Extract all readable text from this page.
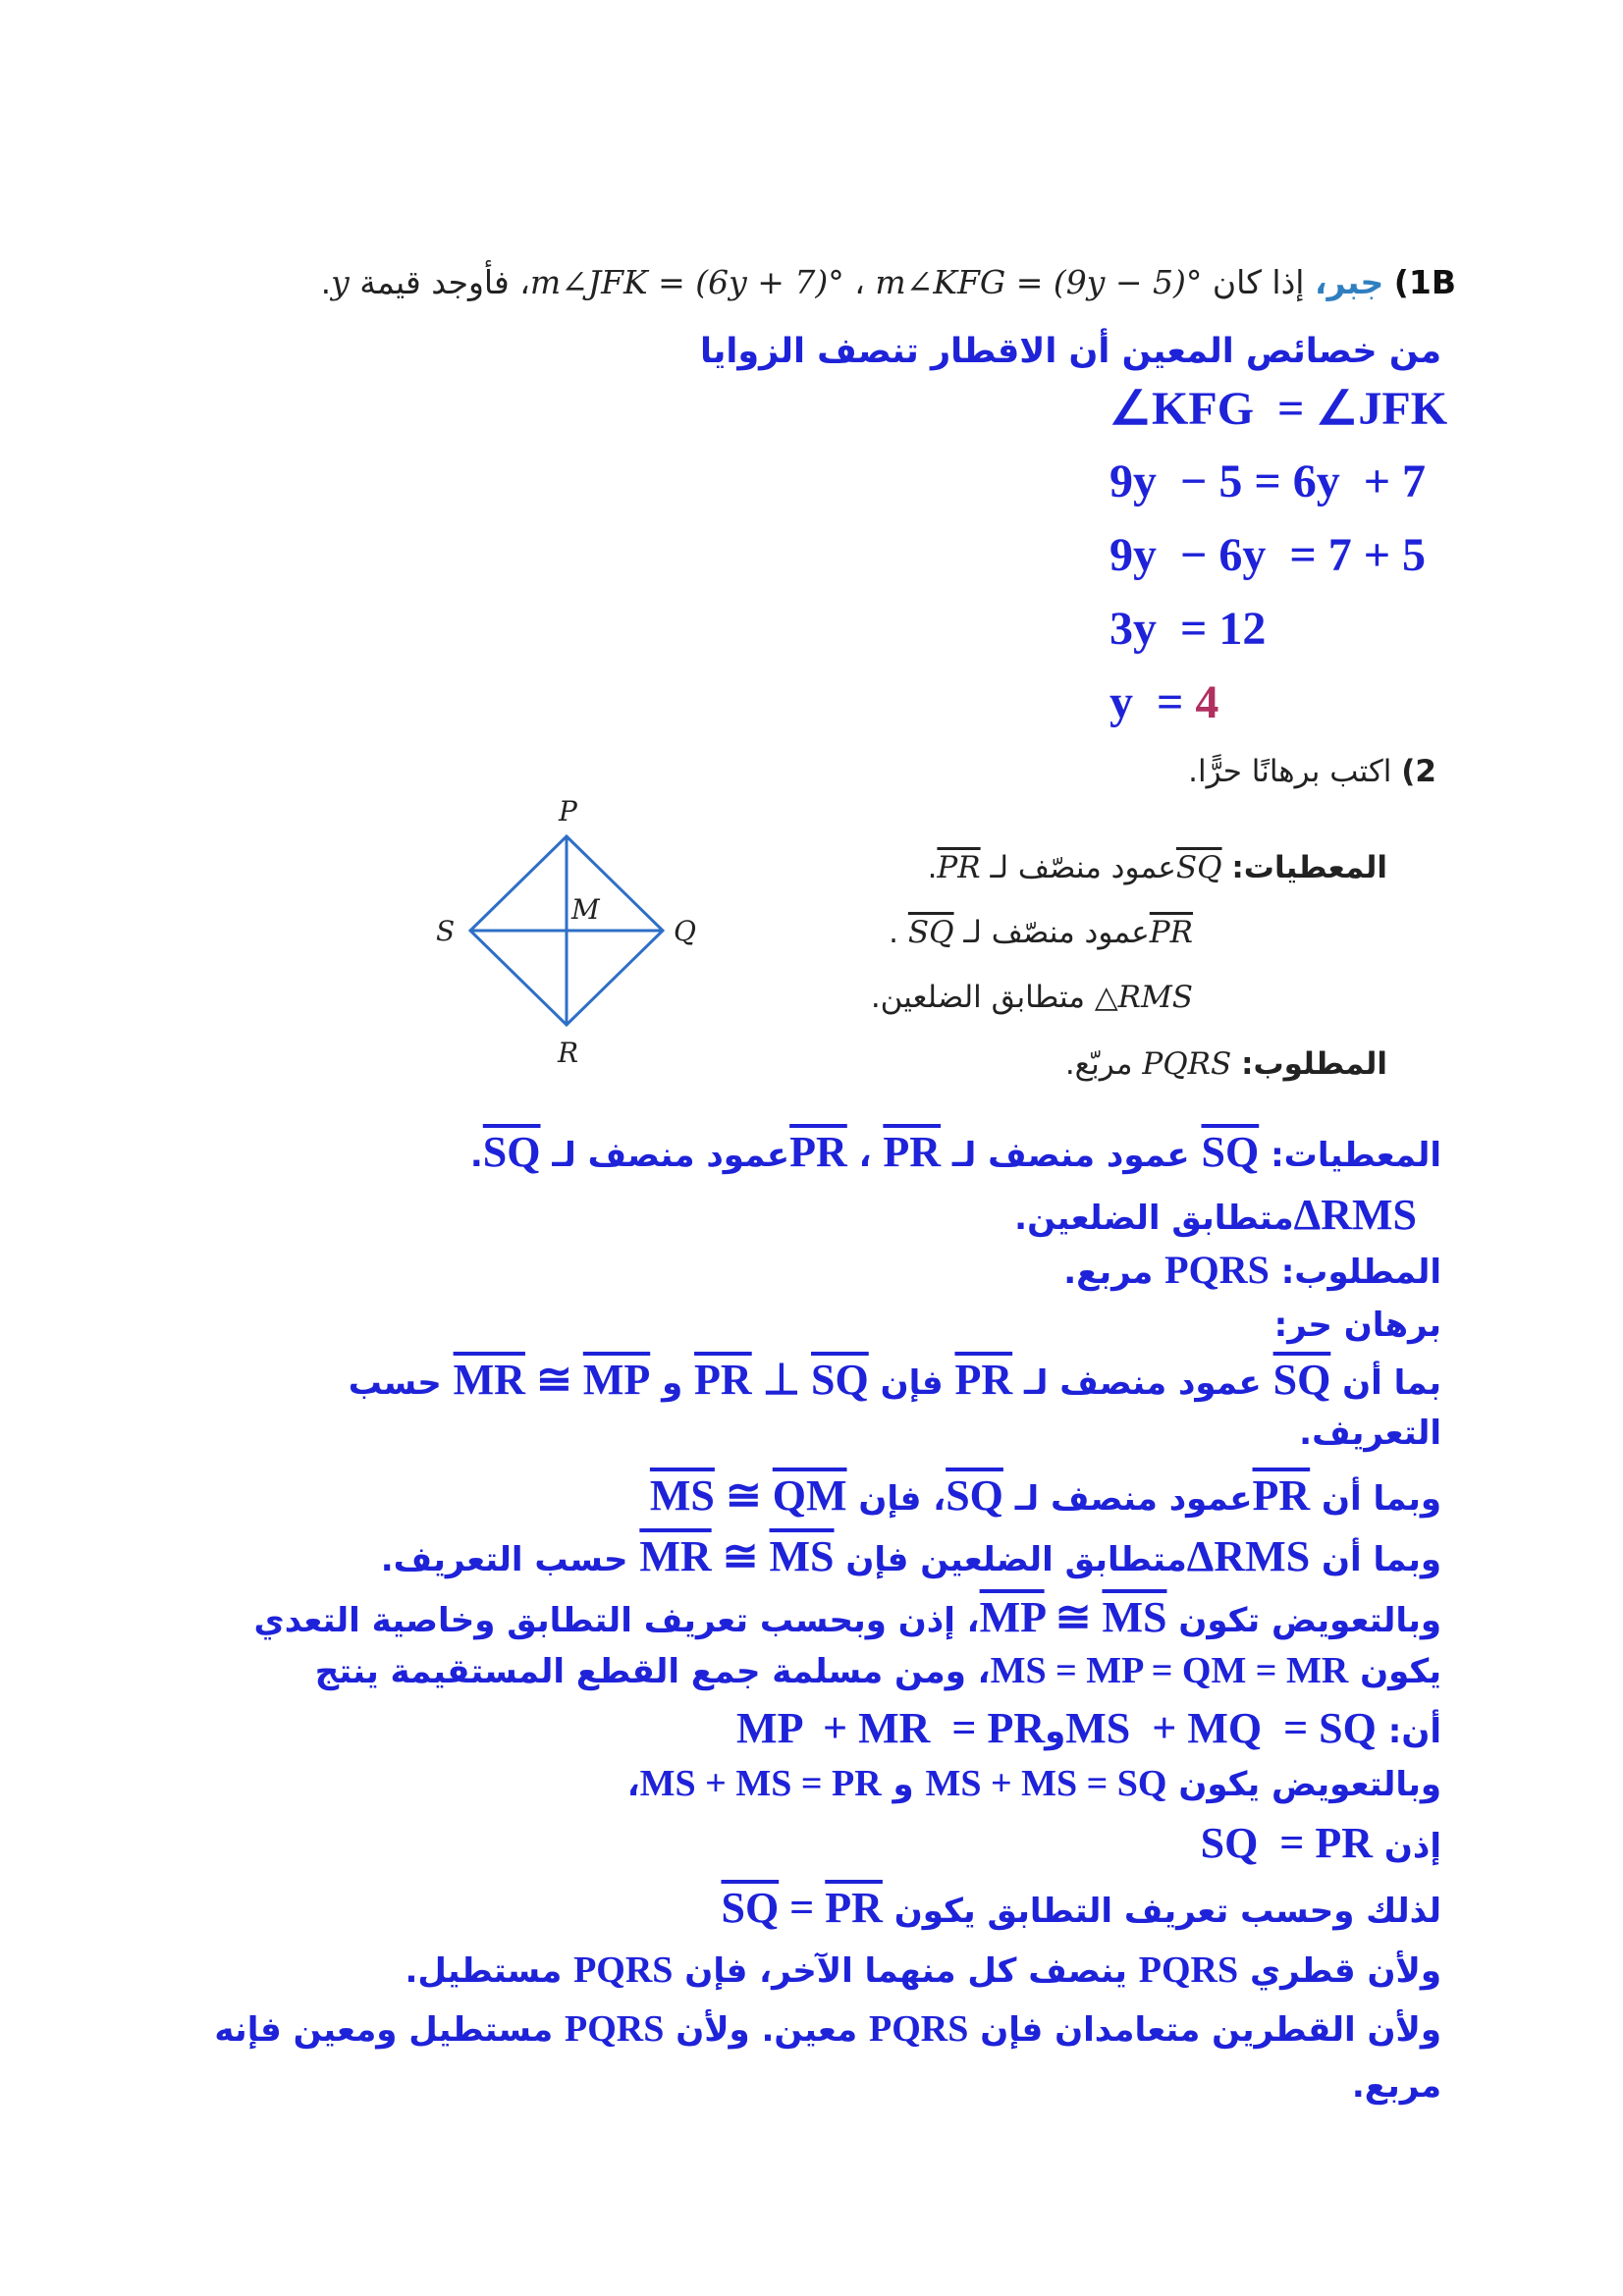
1B) جبر، إذا كان m∠KFG = (9y − 5)° ، m∠JFK = (6y + 7)°، فأوجد قيمة y.
من خصائص المعين أن الاقطار تنصف الزوايا
∠KFG  = ∠JFK
9y  − 5 = 6y  + 7
9y  − 6y  = 7 + 5
3y  = 12
y  = 4
2) اكتب برهانًا حرًّا.
المعطيات: $\overline{SQ}عمود$ منصّف لـ $\overline{PR}$.
$\overline{PR}عمود$ منصّف لـ $\overline{SQ}$ .
△RMS متطابق الضلعين.
المطلوب: PQRS مربّع.
P
Q
R
S
M
المعطيات: $\overline{SQ}$ عمود منصف لـ $\overline{PR}$ ، $\overline{PR}عمود$ منصف لـ $\overline{SQ}$.
ΔRMSمتطابق الضلعين.
المطلوب: PQRS مربع.
برهان حر:
بما أن $\overline{SQ}$ عمود منصف لـ $\overline{PR}$ فإن $\overline{PR}$ ⊥ $\overline{SQ}$ و $\overline{MR}$ ≅ $\overline{MP}$ حسب
التعريف.
وبما أن $\overline{PR}عمود$ منصف لـ $\overline{SQ}،$ فإن $\overline{MS}$ ≅ $\overline{QM}$
وبما أن ΔRMSمتطابق الضلعين فإن $\overline{MR}$ ≅ $\overline{MS}$ حسب التعريف.
وبالتعويض تكون $\overline{MP}$ ≅ $\overline{MS}،$ إذن وبحسب تعريف التطابق وخاصية التعدي
يكون MS = MP = QM = MR، ومن مسلمة جمع القطع المستقيمة ينتج
أن: MS  + MQ  = SQوMP  + MR  = PR
وبالتعويض يكون MS + MS = SQ و MS + MS = PR،
إذن SQ  = PR
لذلك وحسب تعريف التطابق يكون $\overline{SQ} = \overline{PR}$
ولأن قطري PQRS ينصف كل منهما الآخر، فإن PQRS مستطيل.
ولأن القطرين متعامدان فإن PQRS معين. ولأن PQRS مستطيل ومعين فإنه
مربع.
